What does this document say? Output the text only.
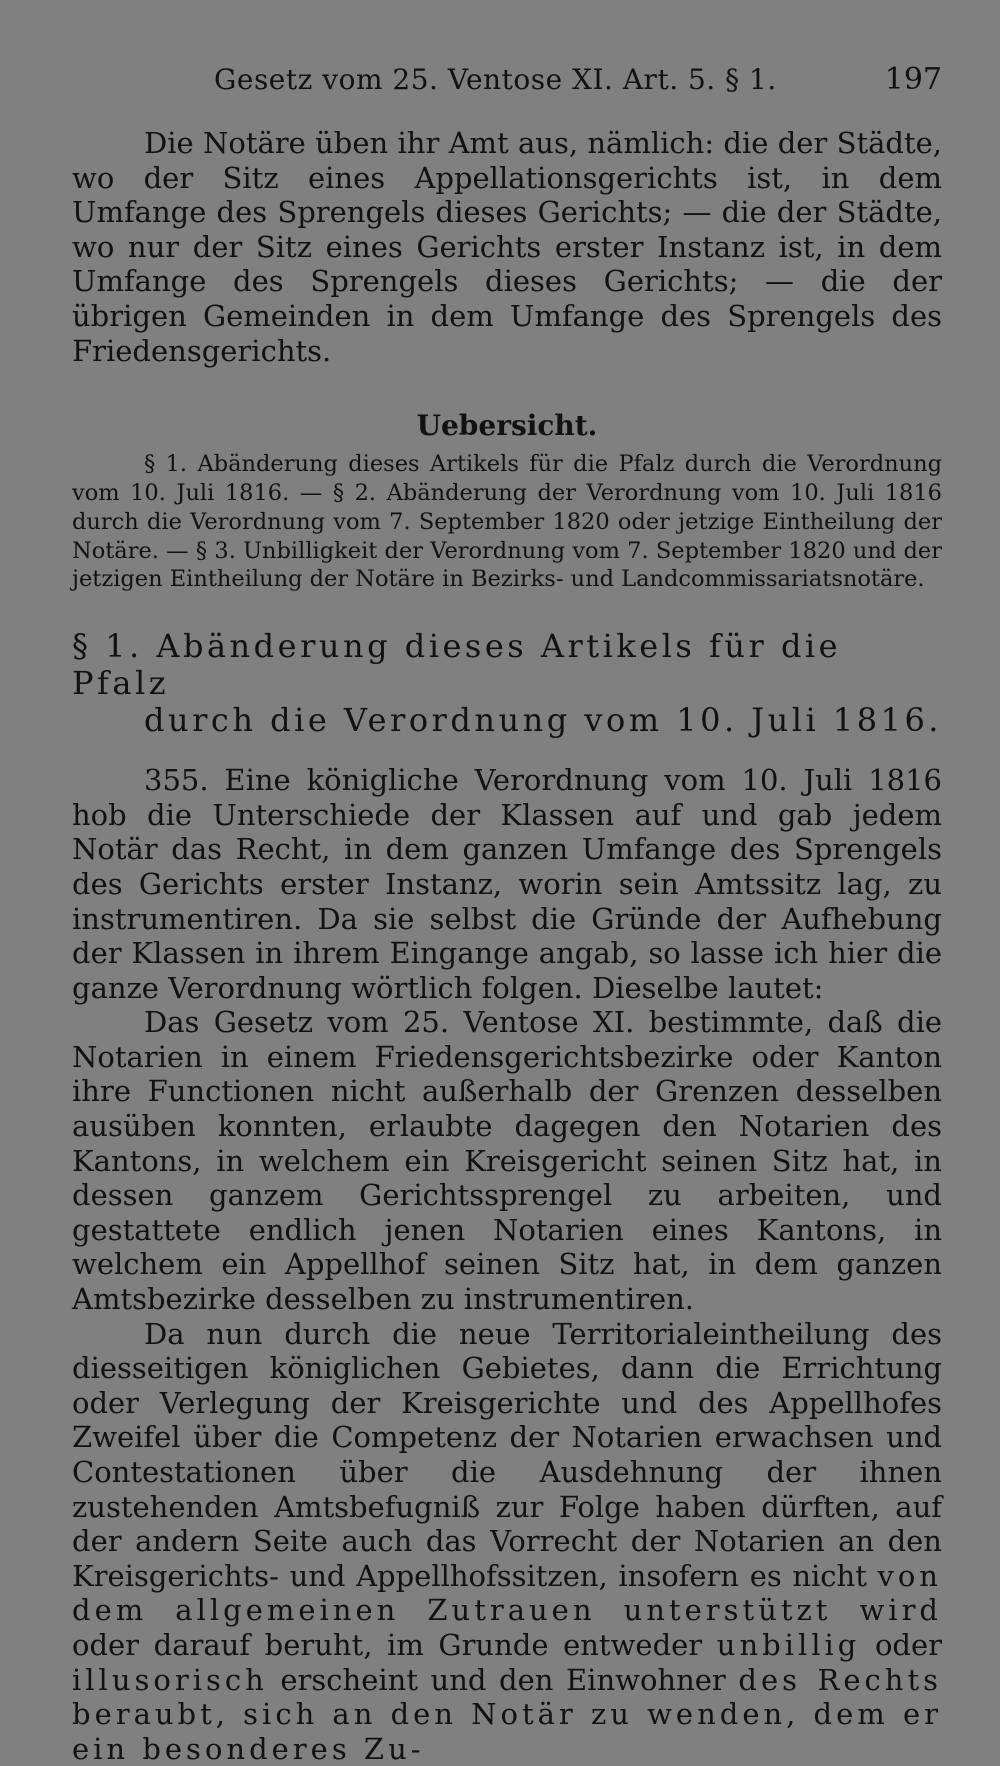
Gesetz vom 25. Ventose XI. Art. 5. § 1.	197

Die Notäre üben ihr Amt aus, nämlich: die der Städte, wo der Sitz eines Appellationsgerichts ist, in dem Umfange des Sprengels dieses Gerichts; — die der Städte, wo nur der Sitz eines Gerichts erster Instanz ist, in dem Umfange des Sprengels dieses Gerichts; — die der übrigen Gemeinden in dem Umfange des Sprengels des Friedensgerichts.

Uebersicht.

§ 1. Abänderung dieses Artikels für die Pfalz durch die Verordnung vom 10. Juli 1816. — § 2. Abänderung der Verordnung vom 10. Juli 1816 durch die Verordnung vom 7. September 1820 oder jetzige Eintheilung der Notäre. — § 3. Unbilligkeit der Verordnung vom 7. September 1820 und der jetzigen Eintheilung der Notäre in Bezirks- und Landcommissariatsnotäre.

§ 1. Abänderung dieses Artikels für die Pfalz
durch die Verordnung vom 10. Juli 1816.

355. Eine königliche Verordnung vom 10. Juli 1816 hob die Unterschiede der Klassen auf und gab jedem Notär das Recht, in dem ganzen Umfange des Sprengels des Gerichts erster Instanz, worin sein Amtssitz lag, zu instrumentiren. Da sie selbst die Gründe der Aufhebung der Klassen in ihrem Eingange angab, so lasse ich hier die ganze Verordnung wörtlich folgen. Dieselbe lautet:

Das Gesetz vom 25. Ventose XI. bestimmte, daß die Notarien in einem Friedensgerichtsbezirke oder Kanton ihre Functionen nicht außerhalb der Grenzen desselben ausüben konnten, erlaubte dagegen den Notarien des Kantons, in welchem ein Kreisgericht seinen Sitz hat, in dessen ganzem Gerichtssprengel zu arbeiten, und gestattete endlich jenen Notarien eines Kantons, in welchem ein Appellhof seinen Sitz hat, in dem ganzen Amtsbezirke desselben zu instrumentiren.

Da nun durch die neue Territorialeintheilung des diesseitigen königlichen Gebietes, dann die Errichtung oder Verlegung der Kreisgerichte und des Appellhofes Zweifel über die Competenz der Notarien erwachsen und Contestationen über die Ausdehnung der ihnen zustehenden Amtsbefugniß zur Folge haben dürften, auf der andern Seite auch das Vorrecht der Notarien an den Kreisgerichts- und Appellhofssitzen, insofern es nicht von dem allgemeinen Zutrauen unterstützt wird oder darauf beruht, im Grunde entweder unbillig oder illusorisch erscheint und den Einwohner des Rechts beraubt, sich an den Notär zu wenden, dem er ein besonderes Zu-
